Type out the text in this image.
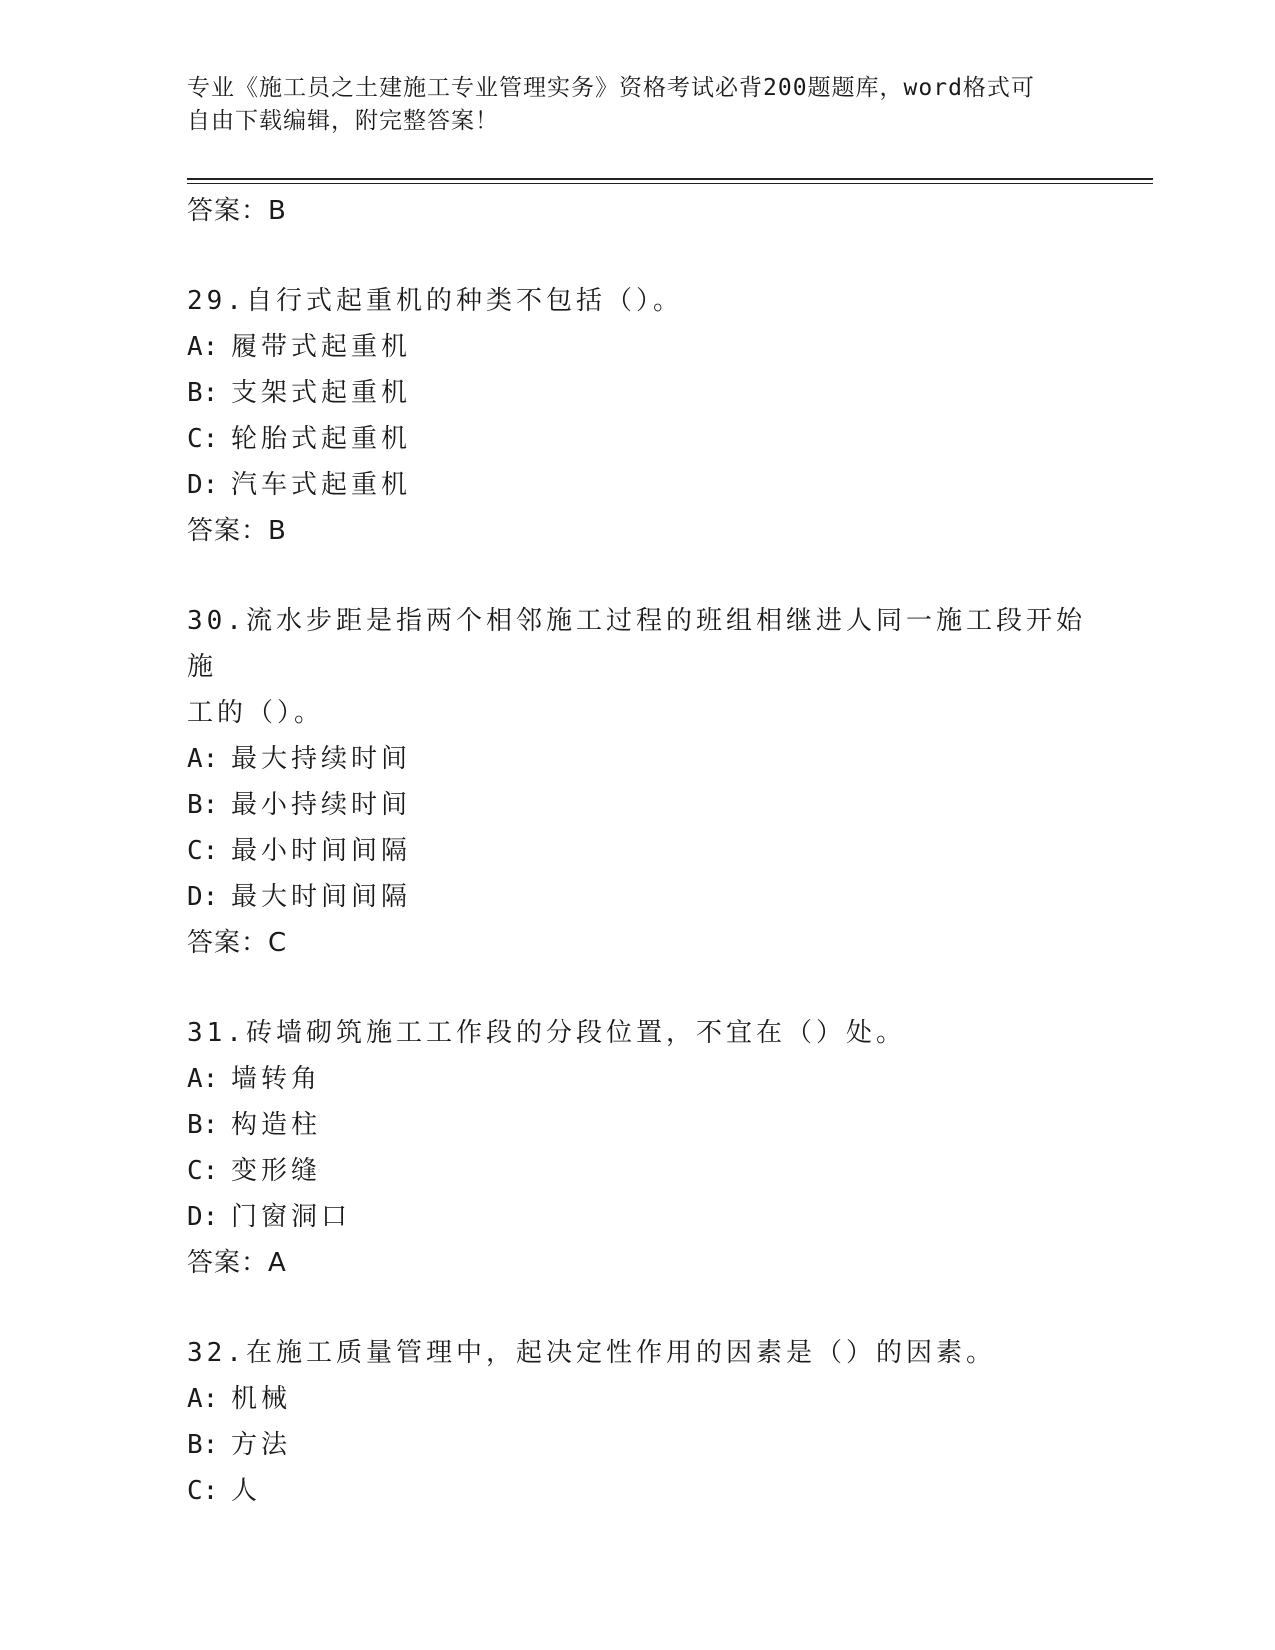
专业《施工员之土建施工专业管理实务》资格考试必背200题题库，word格式可
自由下载编辑，附完整答案！
答案：B
29.自行式起重机的种类不包括（）。
A: 履带式起重机
B: 支架式起重机
C: 轮胎式起重机
D: 汽车式起重机
答案：B
30.流水步距是指两个相邻施工过程的班组相继进人同一施工段开始施
工的（）。
A: 最大持续时间
B: 最小持续时间
C: 最小时间间隔
D: 最大时间间隔
答案：C
31.砖墙砌筑施工工作段的分段位置，不宜在（）处。
A: 墙转角
B: 构造柱
C: 变形缝
D: 门窗洞口
答案：A
32.在施工质量管理中，起决定性作用的因素是（）的因素。
A: 机械
B: 方法
C: 人
